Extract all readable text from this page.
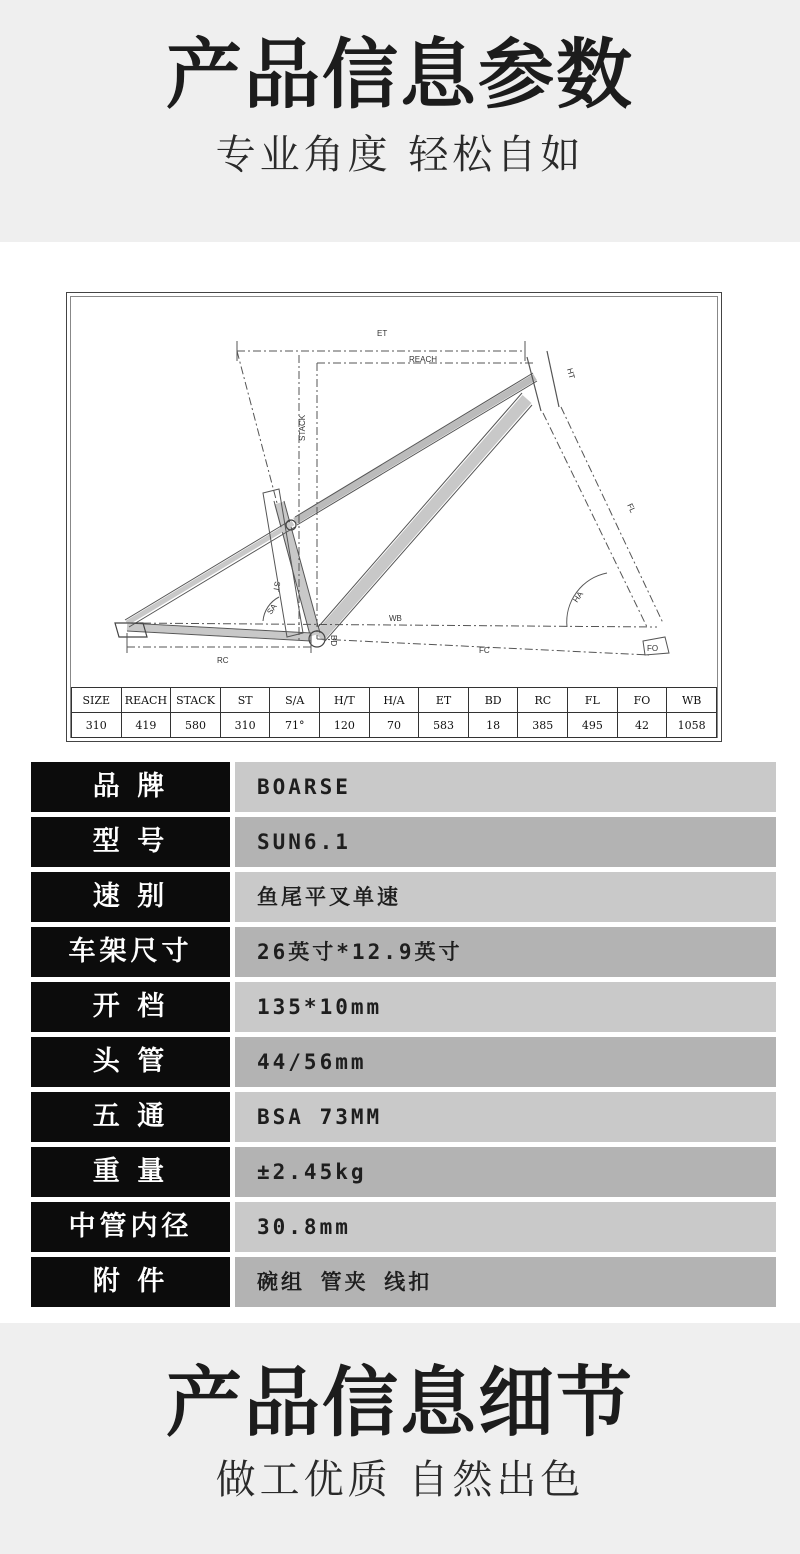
产品信息参数
专业角度 轻松自如
ET
REACH
STACK
HT
FL
ST
SA
HA
WB
RC
FC
BD
FO
SIZE	REACH	STACK	ST	S/A	H/T	H/A	ET	BD	RC	FL	FO	WB
310	419	580	310	71°	120	70	583	18	385	495	42	1058
品 牌	BOARSE
型 号	SUN6.1
速 别	鱼尾平叉单速
车架尺寸	26英寸*12.9英寸
开 档	135*10mm
头 管	44/56mm
五 通	BSA 73MM
重 量	±2.45kg
中管内径	30.8mm
附 件	碗组 管夹 线扣
产品信息细节
做工优质 自然出色
